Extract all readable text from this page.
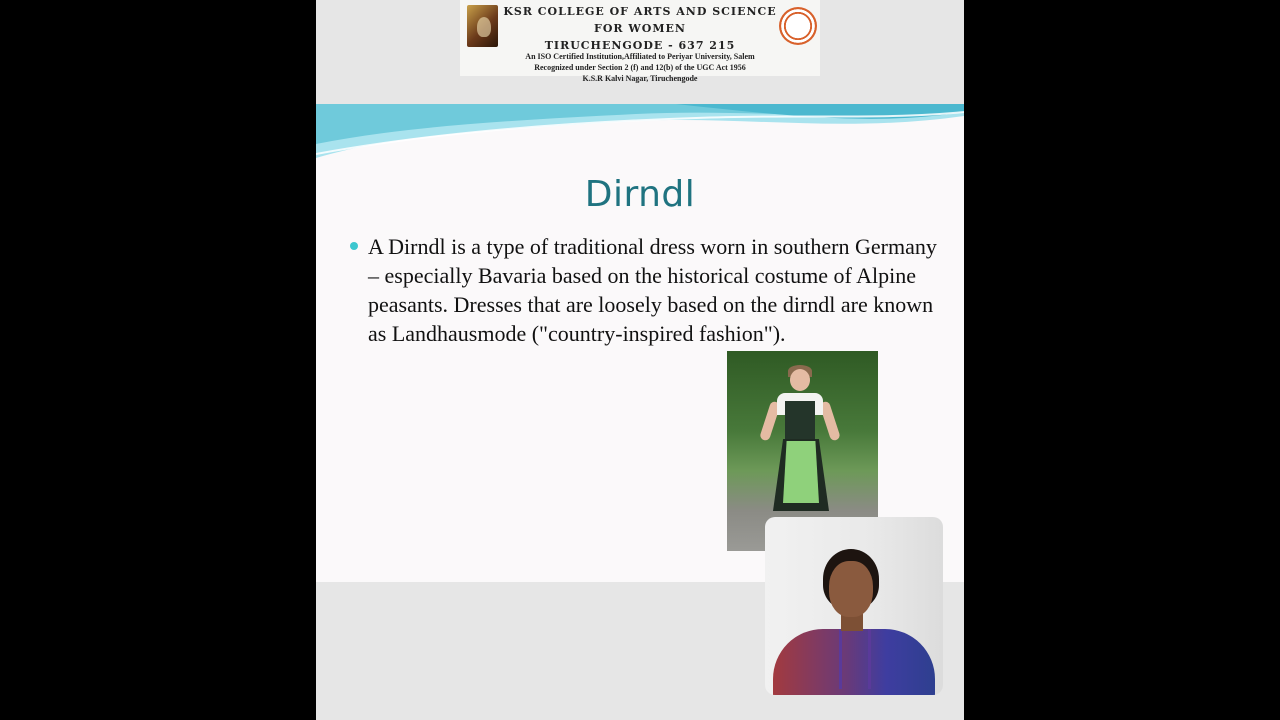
KSR COLLEGE OF ARTS AND SCIENCE
FOR WOMEN
TIRUCHENGODE - 637 215
An ISO Certified Institution,Affiliated to Periyar University, Salem
Recognized under Section 2 (f) and 12(b) of the UGC Act 1956
K.S.R Kalvi Nagar, Tiruchengode
Dirndl
A Dirndl is a type of traditional dress worn in southern Germany – especially Bavaria based on the historical costume of Alpine peasants. Dresses that are loosely based on the dirndl are known as Landhausmode ("country-inspired fashion").
